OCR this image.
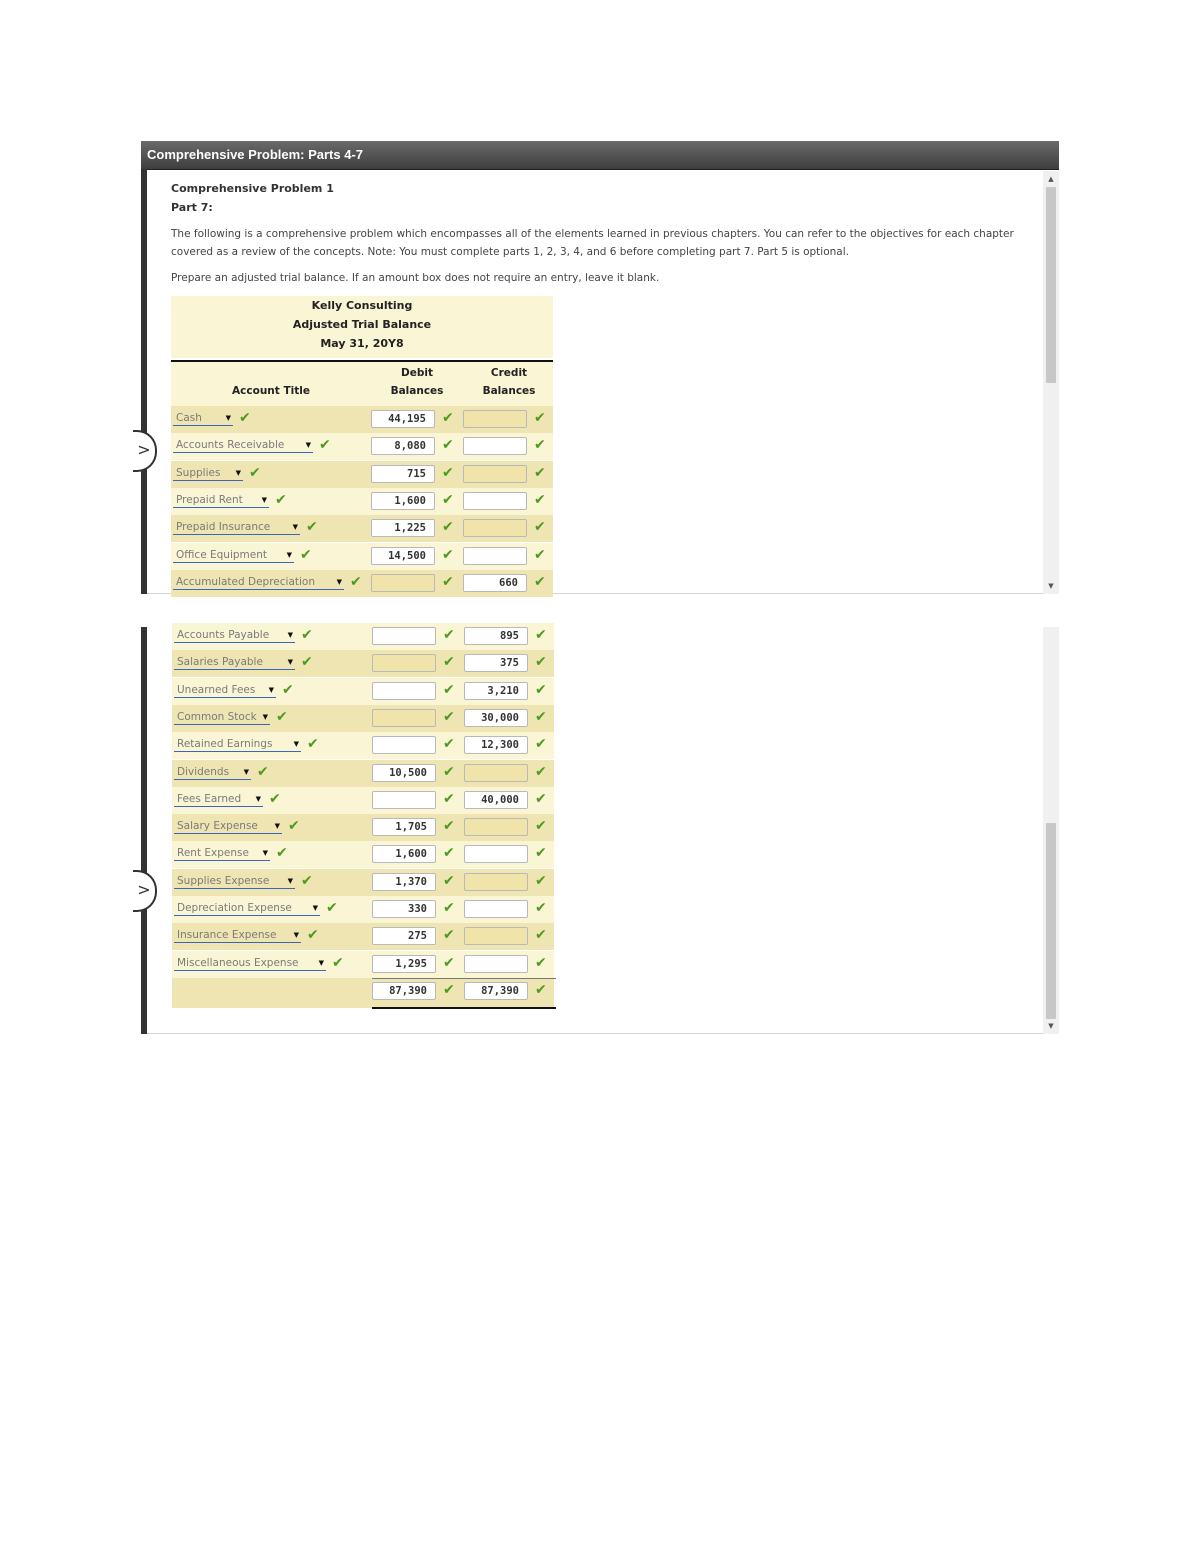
Comprehensive Problem: Parts 4-7
▲
▼

Comprehensive Problem 1

Part 7:

The following is a comprehensive problem which encompasses all of the elements learned in previous chapters. You can refer to the objectives for each chapter covered as a review of the concepts. Note: You must complete parts 1, 2, 3, 4, and 6 before completing part 7. Part 5 is optional.

Prepare an adjusted trial balance. If an amount box does not require an entry, leave it blank.

>
Kelly Consulting
Adjusted Trial Balance
May 31, 20Y8
Account Title
Debit
Balances
Credit
Balances
Cash	▼ ✔	44,195	✔	✔
Accounts Receivable	▼ ✔	8,080	✔	✔
Supplies ▼ ✔	715	✔	✔
Prepaid Rent	▼ ✔	1,600	✔	✔
Prepaid Insurance	▼ ✔	1,225	✔	✔
Office Equipment	▼ ✔	14,500	✔	✔
Accumulated Depreciation	▼ ✔	✔	660	✔
▼
>
Accounts Payable	▼ ✔	✔	895	✔
Salaries Payable	▼ ✔	✔	375	✔
Unearned Fees ▼ ✔	✔	3,210	✔
Common Stock ▼ ✔	✔	30,000	✔
Retained Earnings	▼ ✔	✔	12,300	✔
Dividends ▼ ✔	10,500	✔	✔
Fees Earned ▼ ✔	✔	40,000	✔
Salary Expense ▼ ✔	1,705	✔	✔
Rent Expense ▼ ✔	1,600	✔	✔
Supplies Expense	▼ ✔	1,370	✔	✔
Depreciation Expense	▼ ✔	330	✔	✔
Insurance Expense ▼ ✔	275	✔	✔
Miscellaneous Expense	▼ ✔	1,295	✔	✔
87,390	✔	87,390	✔
